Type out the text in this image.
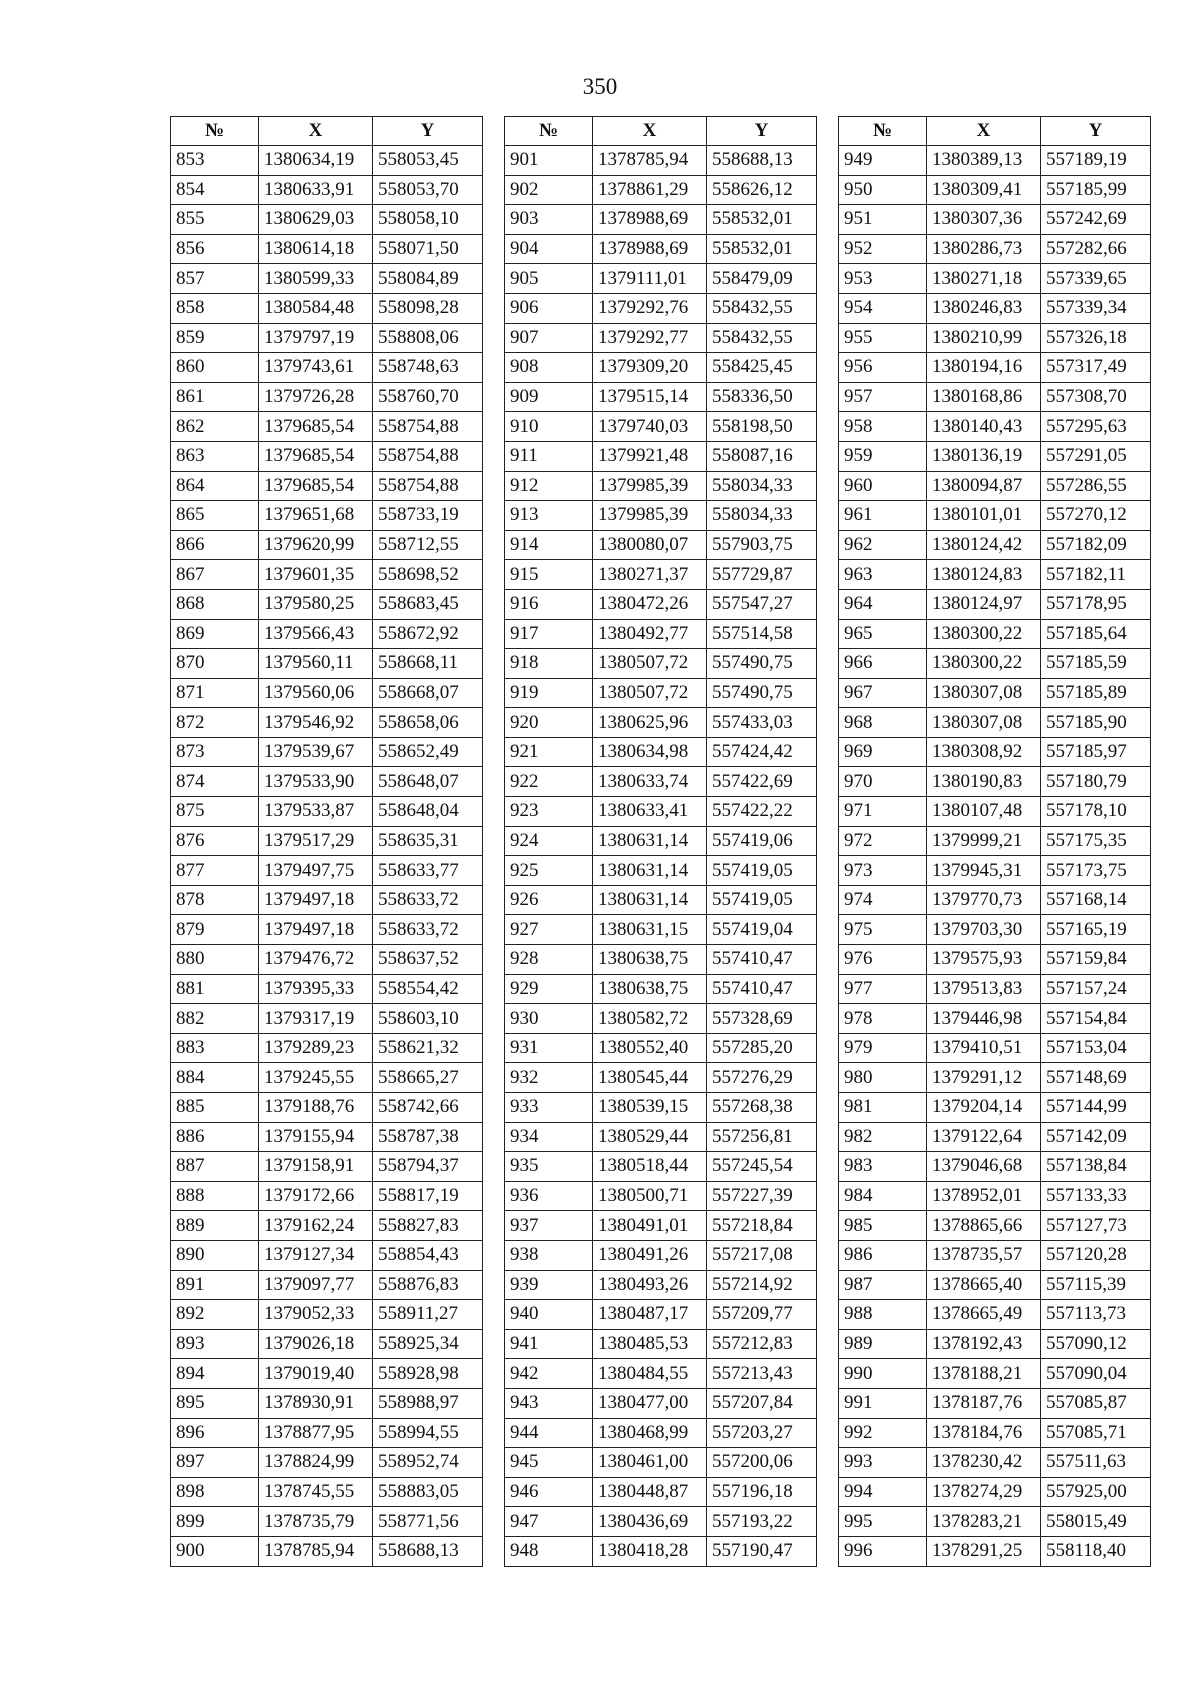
350
№	X	Y
853	1380634,19	558053,45
854	1380633,91	558053,70
855	1380629,03	558058,10
856	1380614,18	558071,50
857	1380599,33	558084,89
858	1380584,48	558098,28
859	1379797,19	558808,06
860	1379743,61	558748,63
861	1379726,28	558760,70
862	1379685,54	558754,88
863	1379685,54	558754,88
864	1379685,54	558754,88
865	1379651,68	558733,19
866	1379620,99	558712,55
867	1379601,35	558698,52
868	1379580,25	558683,45
869	1379566,43	558672,92
870	1379560,11	558668,11
871	1379560,06	558668,07
872	1379546,92	558658,06
873	1379539,67	558652,49
874	1379533,90	558648,07
875	1379533,87	558648,04
876	1379517,29	558635,31
877	1379497,75	558633,77
878	1379497,18	558633,72
879	1379497,18	558633,72
880	1379476,72	558637,52
881	1379395,33	558554,42
882	1379317,19	558603,10
883	1379289,23	558621,32
884	1379245,55	558665,27
885	1379188,76	558742,66
886	1379155,94	558787,38
887	1379158,91	558794,37
888	1379172,66	558817,19
889	1379162,24	558827,83
890	1379127,34	558854,43
891	1379097,77	558876,83
892	1379052,33	558911,27
893	1379026,18	558925,34
894	1379019,40	558928,98
895	1378930,91	558988,97
896	1378877,95	558994,55
897	1378824,99	558952,74
898	1378745,55	558883,05
899	1378735,79	558771,56
900	1378785,94	558688,13
№	X	Y
901	1378785,94	558688,13
902	1378861,29	558626,12
903	1378988,69	558532,01
904	1378988,69	558532,01
905	1379111,01	558479,09
906	1379292,76	558432,55
907	1379292,77	558432,55
908	1379309,20	558425,45
909	1379515,14	558336,50
910	1379740,03	558198,50
911	1379921,48	558087,16
912	1379985,39	558034,33
913	1379985,39	558034,33
914	1380080,07	557903,75
915	1380271,37	557729,87
916	1380472,26	557547,27
917	1380492,77	557514,58
918	1380507,72	557490,75
919	1380507,72	557490,75
920	1380625,96	557433,03
921	1380634,98	557424,42
922	1380633,74	557422,69
923	1380633,41	557422,22
924	1380631,14	557419,06
925	1380631,14	557419,05
926	1380631,14	557419,05
927	1380631,15	557419,04
928	1380638,75	557410,47
929	1380638,75	557410,47
930	1380582,72	557328,69
931	1380552,40	557285,20
932	1380545,44	557276,29
933	1380539,15	557268,38
934	1380529,44	557256,81
935	1380518,44	557245,54
936	1380500,71	557227,39
937	1380491,01	557218,84
938	1380491,26	557217,08
939	1380493,26	557214,92
940	1380487,17	557209,77
941	1380485,53	557212,83
942	1380484,55	557213,43
943	1380477,00	557207,84
944	1380468,99	557203,27
945	1380461,00	557200,06
946	1380448,87	557196,18
947	1380436,69	557193,22
948	1380418,28	557190,47
№	X	Y
949	1380389,13	557189,19
950	1380309,41	557185,99
951	1380307,36	557242,69
952	1380286,73	557282,66
953	1380271,18	557339,65
954	1380246,83	557339,34
955	1380210,99	557326,18
956	1380194,16	557317,49
957	1380168,86	557308,70
958	1380140,43	557295,63
959	1380136,19	557291,05
960	1380094,87	557286,55
961	1380101,01	557270,12
962	1380124,42	557182,09
963	1380124,83	557182,11
964	1380124,97	557178,95
965	1380300,22	557185,64
966	1380300,22	557185,59
967	1380307,08	557185,89
968	1380307,08	557185,90
969	1380308,92	557185,97
970	1380190,83	557180,79
971	1380107,48	557178,10
972	1379999,21	557175,35
973	1379945,31	557173,75
974	1379770,73	557168,14
975	1379703,30	557165,19
976	1379575,93	557159,84
977	1379513,83	557157,24
978	1379446,98	557154,84
979	1379410,51	557153,04
980	1379291,12	557148,69
981	1379204,14	557144,99
982	1379122,64	557142,09
983	1379046,68	557138,84
984	1378952,01	557133,33
985	1378865,66	557127,73
986	1378735,57	557120,28
987	1378665,40	557115,39
988	1378665,49	557113,73
989	1378192,43	557090,12
990	1378188,21	557090,04
991	1378187,76	557085,87
992	1378184,76	557085,71
993	1378230,42	557511,63
994	1378274,29	557925,00
995	1378283,21	558015,49
996	1378291,25	558118,40
